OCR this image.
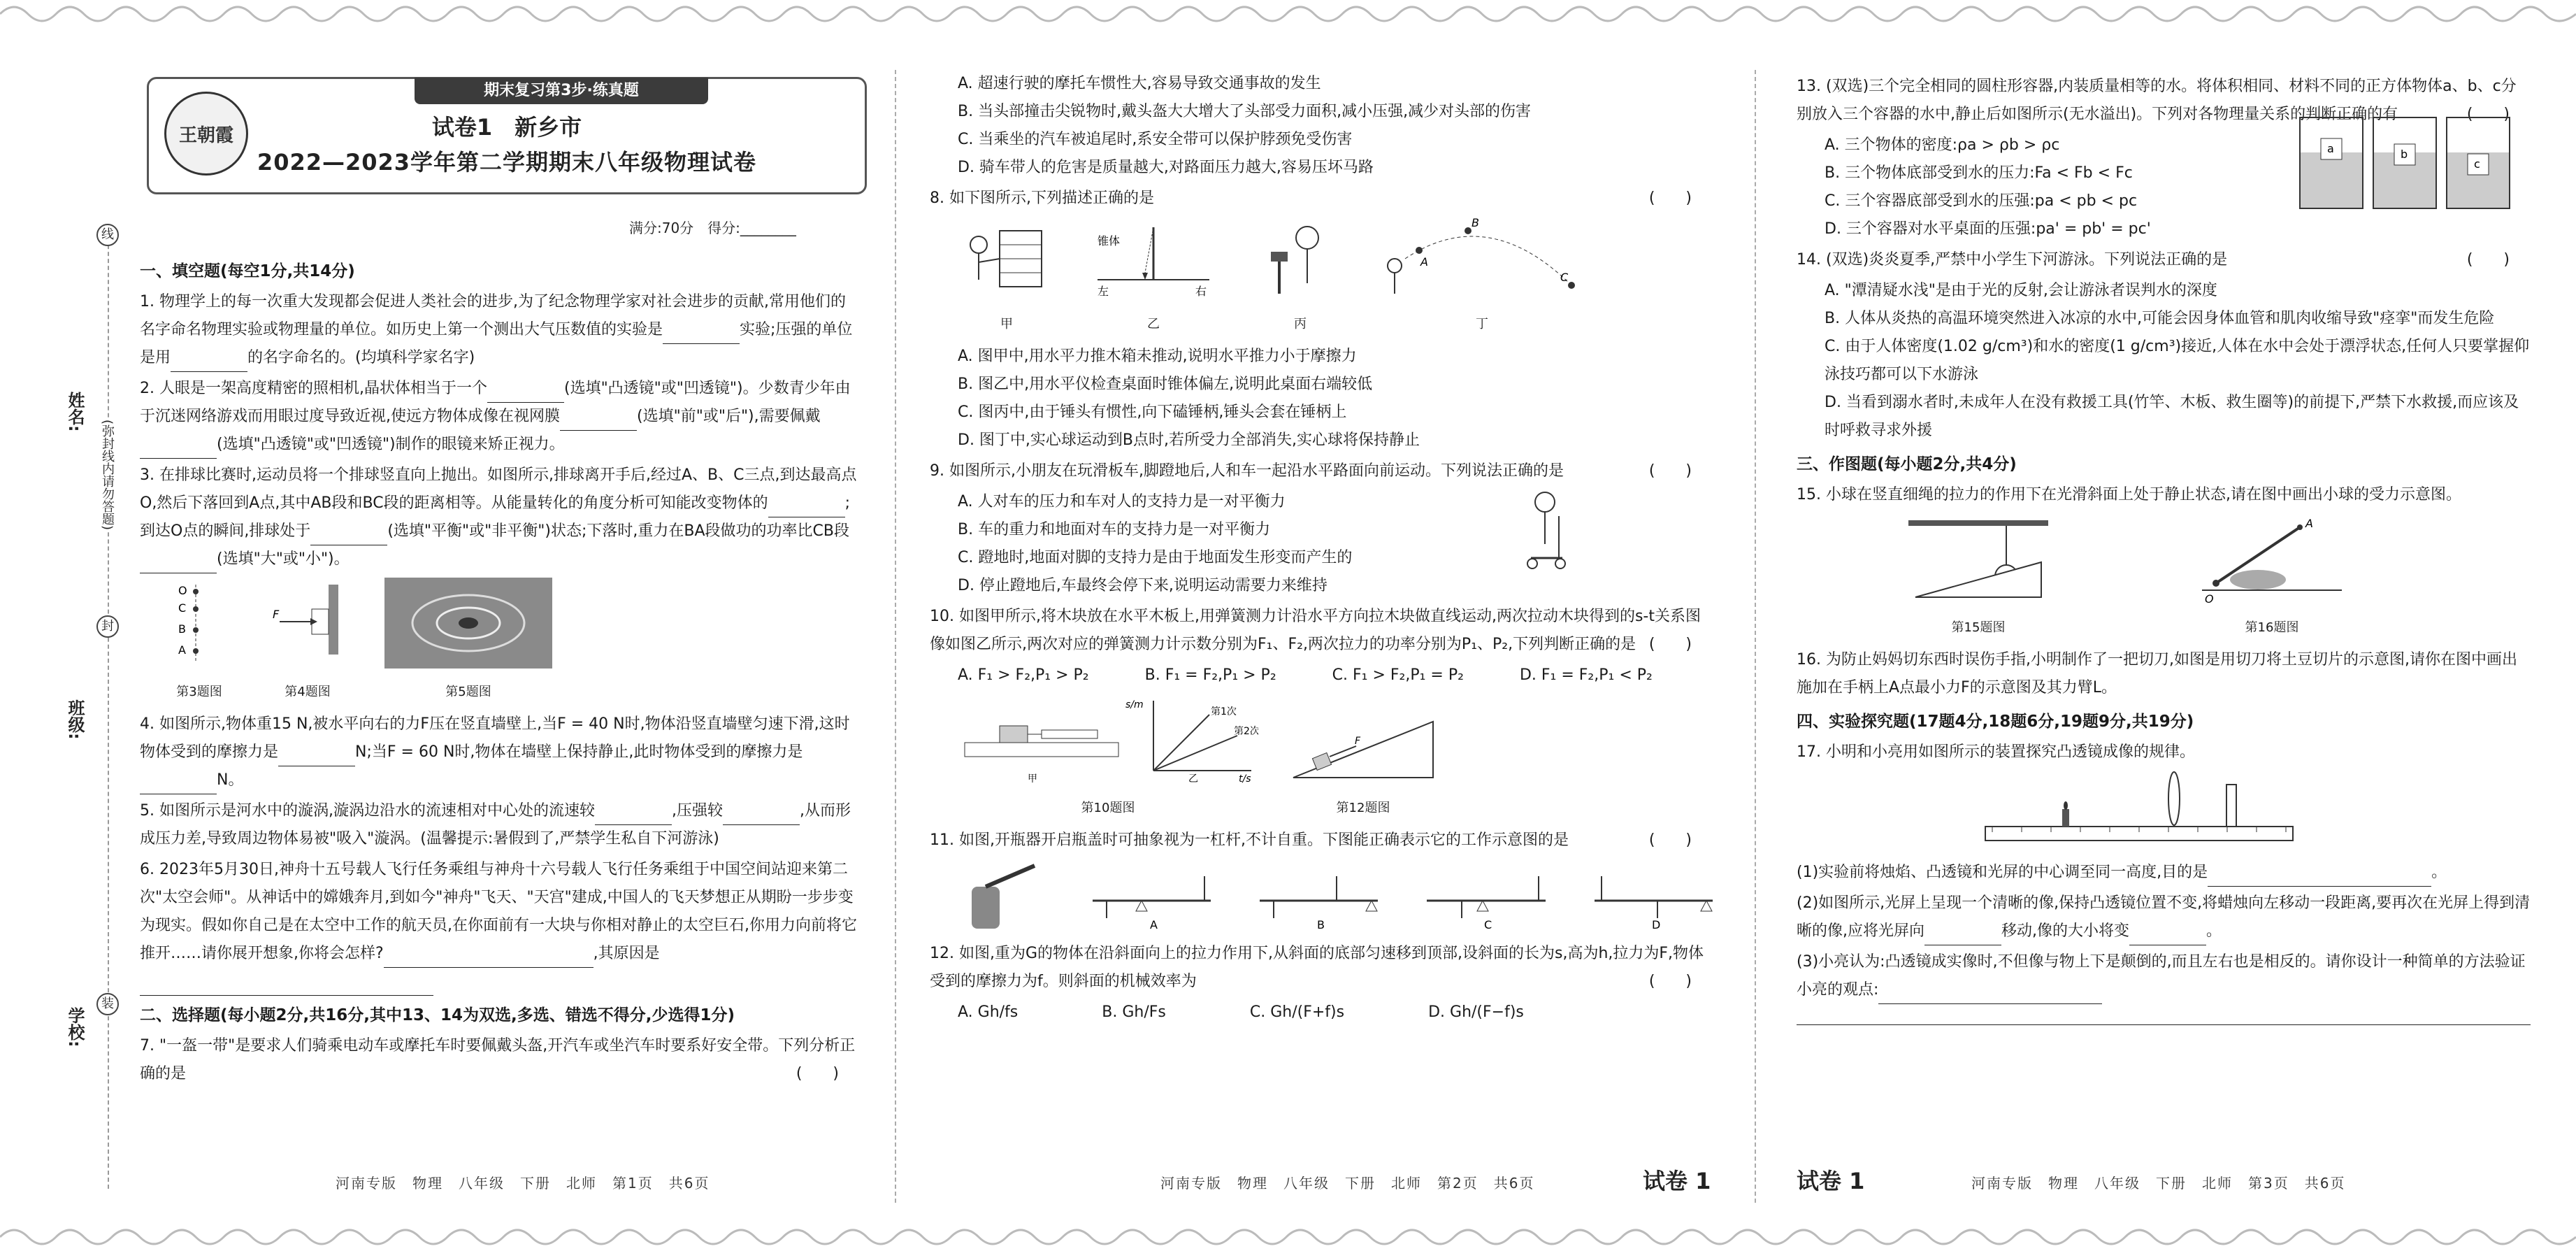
期末复习第3步·练真题
王朝霞	试卷1　新乡市
2022—2023学年第二学期期末八年级物理试卷
满分:70分　得分:________
姓名:
班级:
学校:
线
封
装
(弥封线内请勿答题)
一、填空题(每空1分,共14分)
1. 物理学上的每一次重大发现都会促进人类社会的进步,为了纪念物理学家对社会进步的贡献,常用他们的名字命名物理实验或物理量的单位。如历史上第一个测出大气压数值的实验是	实验;压强的单位是用	的名字命名的。(均填科学家名字)
2. 人眼是一架高度精密的照相机,晶状体相当于一个	(选填"凸透镜"或"凹透镜")。少数青少年由于沉迷网络游戏而用眼过度导致近视,使远方物体成像在视网膜	(选填"前"或"后"),需要佩戴(选填"凸透镜"或"凹透镜")制作的眼镜来矫正视力。
3. 在排球比赛时,运动员将一个排球竖直向上抛出。如图所示,排球离开手后,经过A、B、C三点,到达最高点O,然后下落回到A点,其中AB段和BC段的距离相等。从能量转化的角度分析可知能改变物体的	;到达O点的瞬间,排球处于	(选填"平衡"或"非平衡")状态;下落时,重力在BA段做功的功率比CB段(选填"大"或"小")。
O
C
B
A
第3题图
F
第4题图	第5题图
4. 如图所示,物体重15 N,被水平向右的力F压在竖直墙壁上,当F = 40 N时,物体沿竖直墙壁匀速下滑,这时物体受到的摩擦力是	N;当F = 60 N时,物体在墙壁上保持静止,此时物体受到的摩擦力是N。
5. 如图所示是河水中的漩涡,漩涡边沿水的流速相对中心处的流速较	,压强较	,从而形成压力差,导致周边物体易被"吸入"漩涡。(温馨提示:暑假到了,严禁学生私自下河游泳)
6. 2023年5月30日,神舟十五号载人飞行任务乘组与神舟十六号载人飞行任务乘组于中国空间站迎来第二次"太空会师"。从神话中的嫦娥奔月,到如今"神舟"飞天、"天宫"建成,中国人的飞天梦想正从期盼一步步变为现实。假如你自己是在太空中工作的航天员,在你面前有一大块与你相对静止的太空巨石,你用力向前将它推开……请你展开想象,你将会怎样?	,其原因是
二、选择题(每小题2分,共16分,其中13、14为双选,多选、错选不得分,少选得1分)
7. "一盔一带"是要求人们骑乘电动车或摩托车时要佩戴头盔,开汽车或坐汽车时要系好安全带。下列分析正确的是	(　　)
A. 超速行驶的摩托车惯性大,容易导致交通事故的发生
B. 当头部撞击尖锐物时,戴头盔大大增大了头部受力面积,减小压强,减少对头部的伤害
C. 当乘坐的汽车被追尾时,系安全带可以保护脖颈免受伤害
D. 骑车带人的危害是质量越大,对路面压力越大,容易压坏马路
8. 如下图所示,下列描述正确的是	(　　)
甲
锥体
左	右
乙	丙
A
B
C
丁
A. 图甲中,用水平力推木箱未推动,说明水平推力小于摩擦力
B. 图乙中,用水平仪检查桌面时锥体偏左,说明此桌面右端较低
C. 图丙中,由于锤头有惯性,向下磕锤柄,锤头会套在锤柄上
D. 图丁中,实心球运动到B点时,若所受力全部消失,实心球将保持静止
9. 如图所示,小朋友在玩滑板车,脚蹬地后,人和车一起沿水平路面向前运动。下列说法正确的是	(　　)
A. 人对车的压力和车对人的支持力是一对平衡力
B. 车的重力和地面对车的支持力是一对平衡力
C. 蹬地时,地面对脚的支持力是由于地面发生形变而产生的
D. 停止蹬地后,车最终会停下来,说明运动需要力来维持
10. 如图甲所示,将木块放在水平木板上,用弹簧测力计沿水平方向拉木块做直线运动,两次拉动木块得到的s-t关系图像如图乙所示,两次对应的弹簧测力计示数分别为F₁、F₂,两次拉力的功率分别为P₁、P₂,下列判断正确的是 (　　)
A. F₁ > F₂,P₁ > P₂	B. F₁ = F₂,P₁ > P₂	C. F₁ > F₂,P₁ = P₂	D. F₁ = F₂,P₁ < P₂
s/m
t/s
第1次
第2次
甲	乙
第10题图
F
第12题图
11. 如图,开瓶器开启瓶盖时可抽象视为一杠杆,不计自重。下图能正确表示它的工作示意图的是	(　　)
A	B	C	D
12. 如图,重为G的物体在沿斜面向上的拉力作用下,从斜面的底部匀速移到顶部,设斜面的长为s,高为h,拉力为F,物体受到的摩擦力为f。则斜面的机械效率为	(　　)
A. Gh/fs	B. Gh/Fs	C. Gh/(F+f)s	D. Gh/(F−f)s
13. (双选)三个完全相同的圆柱形容器,内装质量相等的水。将体积相同、材料不同的正方体物体a、b、c分别放入三个容器的水中,静止后如图所示(无水溢出)。下列对各物理量关系的判断正确的有	(　　)
a	b
c
A. 三个物体的密度:ρa > ρb > ρc
B. 三个物体底部受到水的压力:Fa < Fb < Fc
C. 三个容器底部受到水的压强:pa < pb < pc
D. 三个容器对水平桌面的压强:pa' = pb' = pc'
14. (双选)炎炎夏季,严禁中小学生下河游泳。下列说法正确的是	(　　)
A. "潭清疑水浅"是由于光的反射,会让游泳者误判水的深度
B. 人体从炎热的高温环境突然进入冰凉的水中,可能会因身体血管和肌肉收缩导致"痉挛"而发生危险
C. 由于人体密度(1.02 g/cm³)和水的密度(1 g/cm³)接近,人体在水中会处于漂浮状态,任何人只要掌握仰泳技巧都可以下水游泳
D. 当看到溺水者时,未成年人在没有救援工具(竹竿、木板、救生圈等)的前提下,严禁下水救援,而应该及时呼救寻求外援
三、作图题(每小题2分,共4分)
15. 小球在竖直细绳的拉力的作用下在光滑斜面上处于静止状态,请在图中画出小球的受力示意图。
第15题图
O
A
第16题图
16. 为防止妈妈切东西时误伤手指,小明制作了一把切刀,如图是用切刀将土豆切片的示意图,请你在图中画出施加在手柄上A点最小力F的示意图及其力臂L。
四、实验探究题(17题4分,18题6分,19题9分,共19分)
17. 小明和小亮用如图所示的装置探究凸透镜成像的规律。
(1)实验前将烛焰、凸透镜和光屏的中心调至同一高度,目的是	。
(2)如图所示,光屏上呈现一个清晰的像,保持凸透镜位置不变,将蜡烛向左移动一段距离,要再次在光屏上得到清晰的像,应将光屏向	移动,像的大小将变	。
(3)小亮认为:凸透镜成实像时,不但像与物上下是颠倒的,而且左右也是相反的。请你设计一种简单的方法验证小亮的观点:
河南专版　物理　八年级　下册　北师　第1页　共6页	河南专版　物理　八年级　下册　北师　第2页　共6页	试卷 1	试卷 1	河南专版　物理　八年级　下册　北师　第3页　共6页
